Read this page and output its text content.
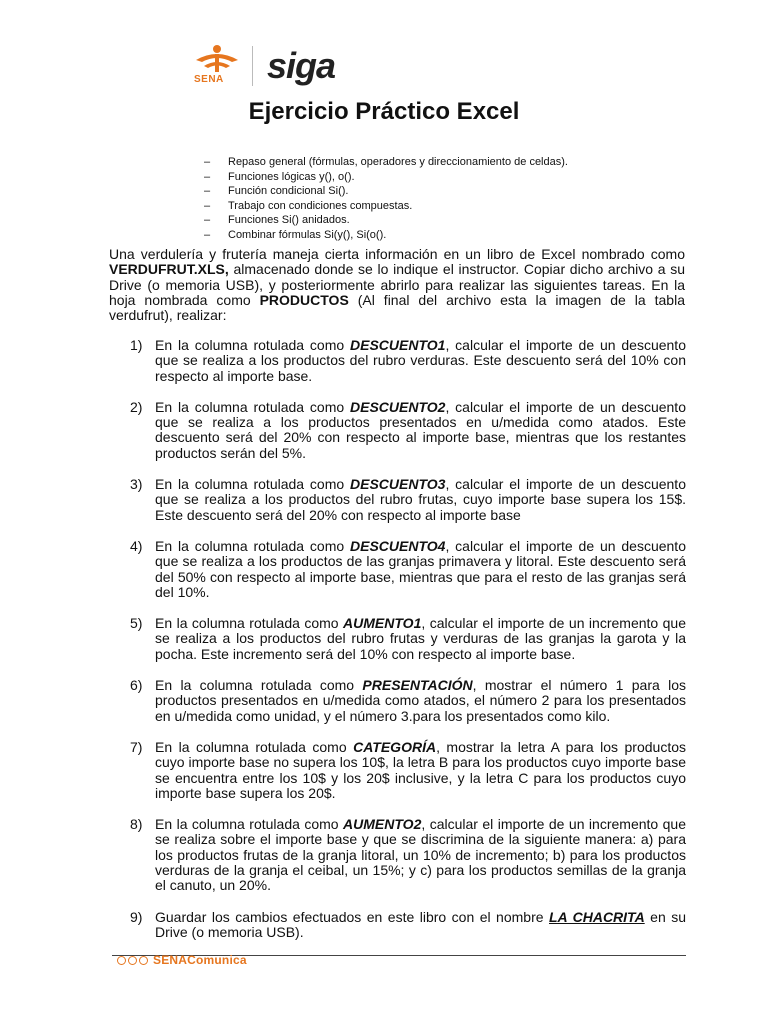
SENA siga
Ejercicio Práctico Excel
–	Repaso general (fórmulas, operadores y direccionamiento de celdas).
–	Funciones lógicas y(), o().
–	Función condicional Si().
–	Trabajo con condiciones compuestas.
–	Funciones Si() anidados.
–	Combinar fórmulas Si(y(), Si(o().

Una verdulería y frutería maneja cierta información en un libro de Excel nombrado como VERDUFRUT.XLS, almacenado donde se lo indique el instructor. Copiar dicho archivo a su Drive (o memoria USB), y posteriormente abrirlo para realizar las siguientes tareas. En la hoja nombrada como PRODUCTOS (Al final del archivo esta la imagen de la tabla verdufrut), realizar:

1) En la columna rotulada como DESCUENTO1, calcular el importe de un descuento que se realiza a los productos del rubro verduras. Este descuento será del 10% con respecto al importe base.
2) En la columna rotulada como DESCUENTO2, calcular el importe de un descuento que se realiza a los productos presentados en u/medida como atados. Este descuento será del 20% con respecto al importe base, mientras que los restantes productos serán del 5%.
3) En la columna rotulada como DESCUENTO3, calcular el importe de un descuento que se realiza a los productos del rubro frutas, cuyo importe base supera los 15$. Este descuento será del 20% con respecto al importe base
4) En la columna rotulada como DESCUENTO4, calcular el importe de un descuento que se realiza a los productos de las granjas primavera y litoral. Este descuento será del 50% con respecto al importe base, mientras que para el resto de las granjas será del 10%.
5) En la columna rotulada como AUMENTO1, calcular el importe de un incremento que se realiza a los productos del rubro frutas y verduras de las granjas la garota y la pocha. Este incremento será del 10% con respecto al importe base.
6) En la columna rotulada como PRESENTACIÓN, mostrar el número 1 para los productos presentados en u/medida como atados, el número 2 para los presentados en u/medida como unidad, y el número 3.para los presentados como kilo.
7) En la columna rotulada como CATEGORÍA, mostrar la letra A para los productos cuyo importe base no supera los 10$, la letra B para los productos cuyo importe base se encuentra entre los 10$ y los 20$ inclusive, y la letra C para los productos cuyo importe base supera los 20$.
8) En la columna rotulada como AUMENTO2, calcular el importe de un incremento que se realiza sobre el importe base y que se discrimina de la siguiente manera: a) para los productos frutas de la granja litoral, un 10% de incremento; b) para los productos verduras de la granja el ceibal, un 15%; y c) para los productos semillas de la granja el canuto, un 20%.
9) Guardar los cambios efectuados en este libro con el nombre LA CHACRITA en su Drive (o memoria USB).
SENAComunica
